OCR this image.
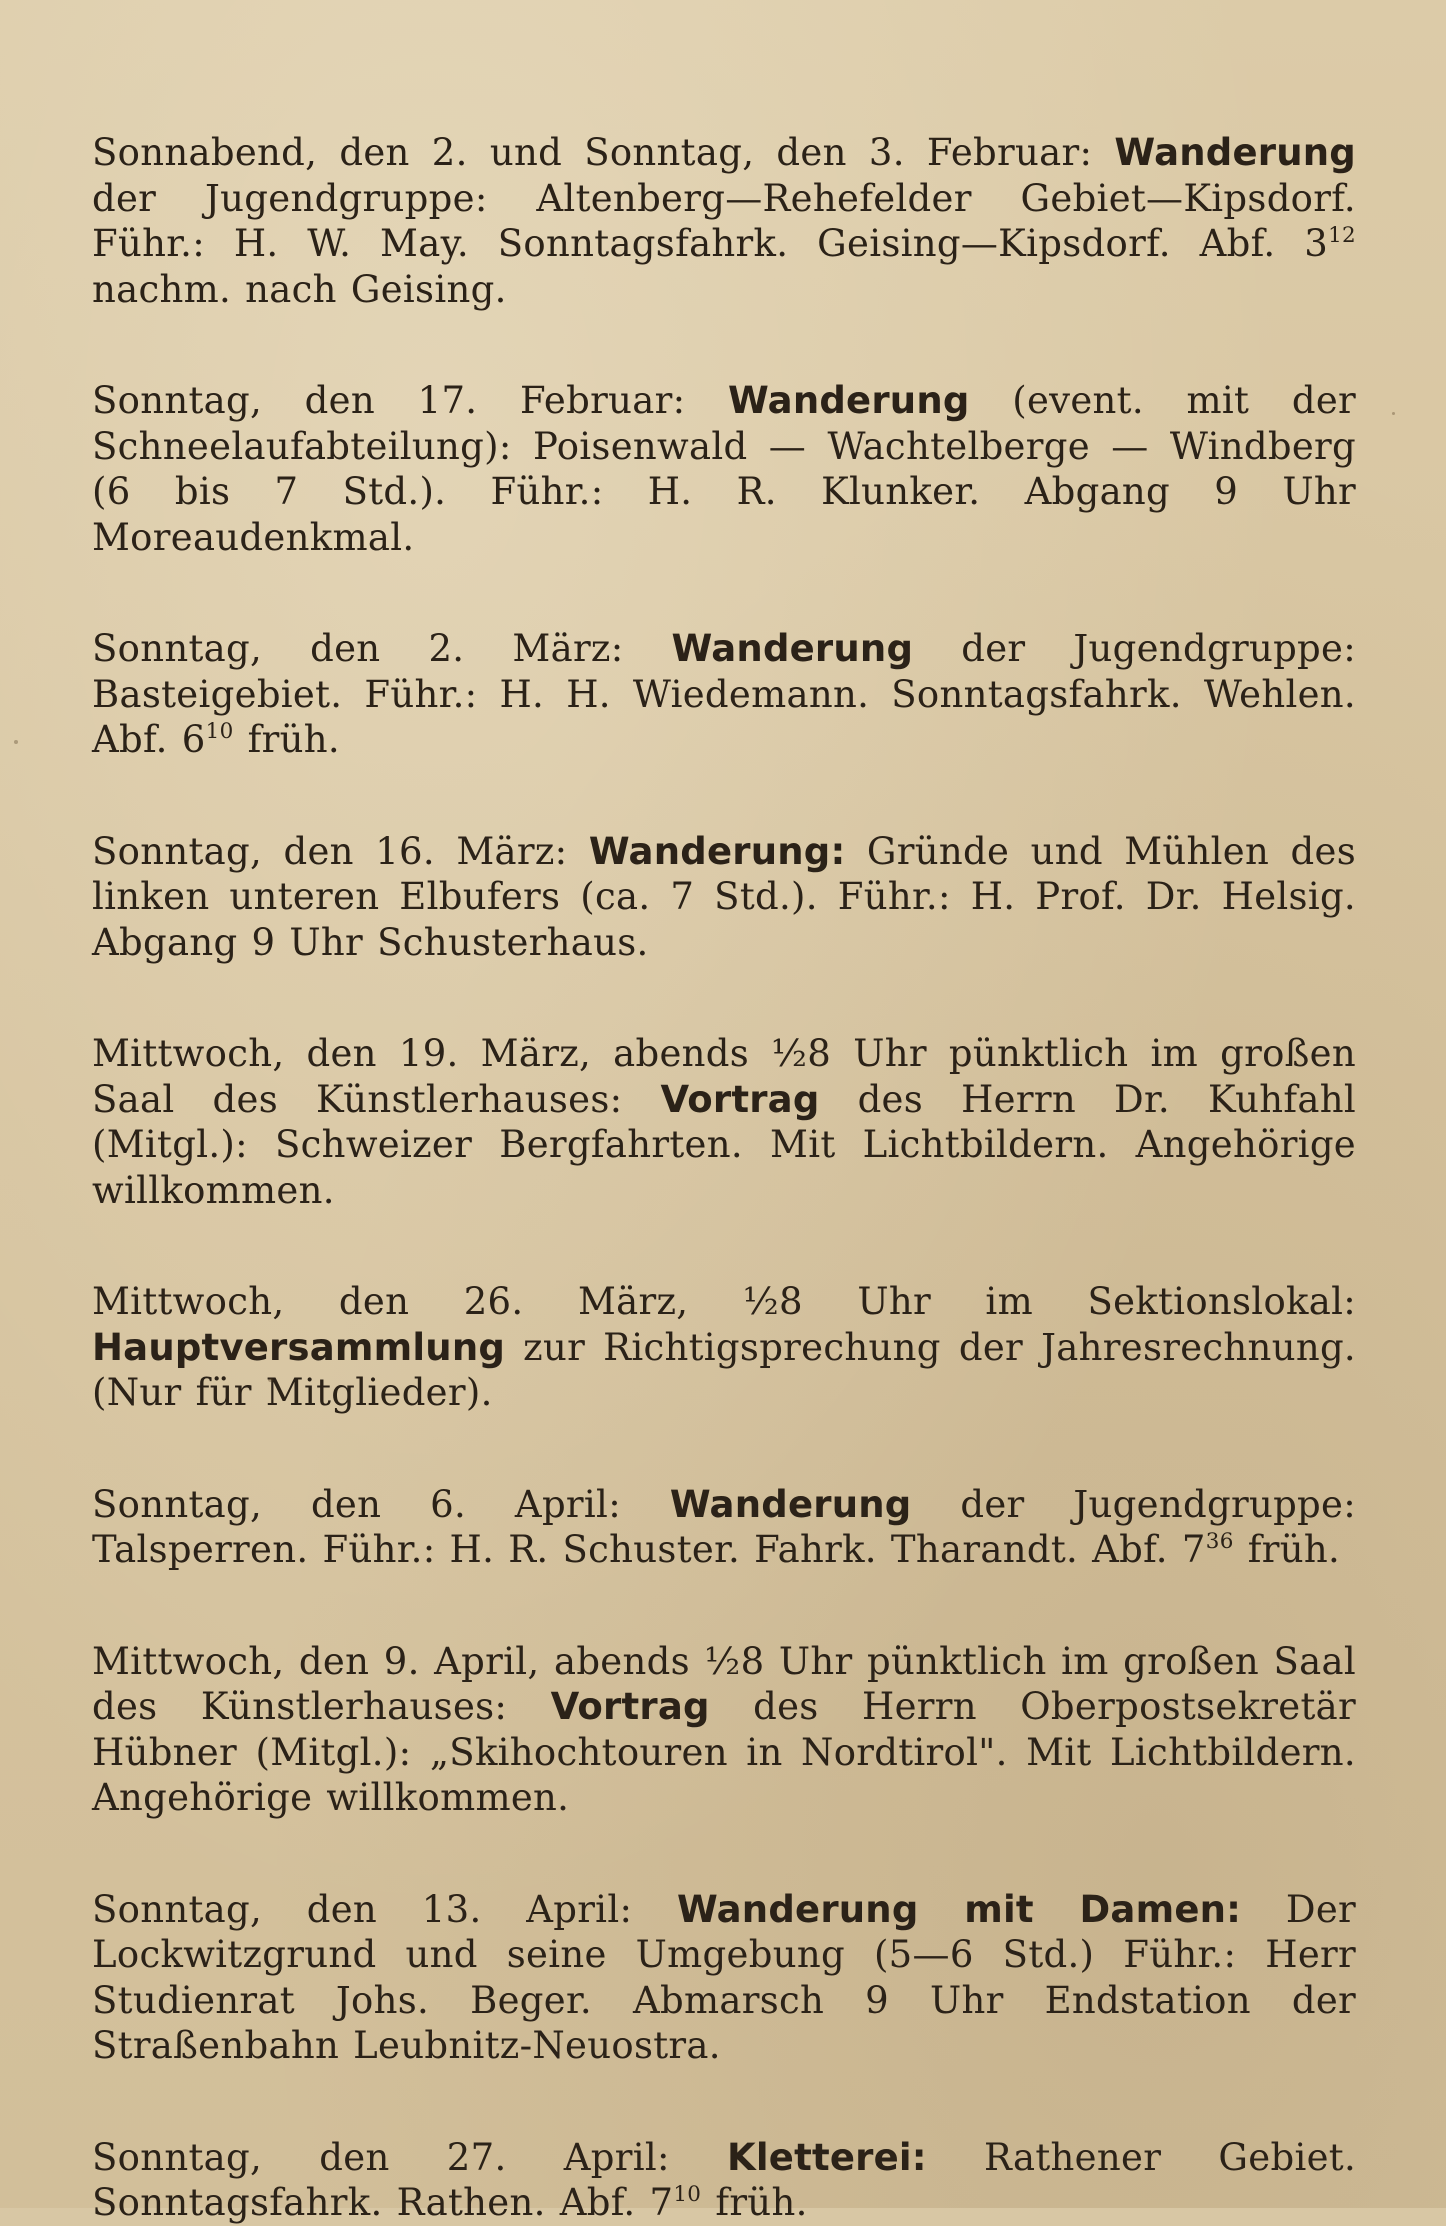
Sonnabend, den 2. und Sonntag, den 3. Februar: Wanderung der Jugendgruppe: Altenberg—Rehefelder Gebiet—Kipsdorf. Führ.: H. W. May. Sonntagsfahrk. Geising—Kipsdorf. Abf. $3^{12}$ nachm. nach Geising.

Sonntag, den 17. Februar: Wanderung (event. mit der Schneelaufabteilung): Poisenwald — Wachtelberge — Windberg (6 bis 7 Std.). Führ.: H. R. Klunker. Abgang 9 Uhr Moreaudenkmal.

Sonntag, den 2. März: Wanderung der Jugendgruppe: Basteigebiet. Führ.: H. H. Wiedemann. Sonntagsfahrk. Wehlen. Abf. $6^{10}$ früh.

Sonntag, den 16. März: Wanderung: Gründe und Mühlen des linken unteren Elbufers (ca. 7 Std.). Führ.: H. Prof. Dr. Helsig. Abgang 9 Uhr Schusterhaus.

Mittwoch, den 19. März, abends ½8 Uhr pünktlich im großen Saal des Künstlerhauses: Vortrag des Herrn Dr. Kuhfahl (Mitgl.): Schweizer Bergfahrten. Mit Lichtbildern. Angehörige willkommen.

Mittwoch, den 26. März, ½8 Uhr im Sektionslokal: Hauptversammlung zur Richtigsprechung der Jahresrechnung. (Nur für Mitglieder).

Sonntag, den 6. April: Wanderung der Jugendgruppe: Talsperren. Führ.: H. R. Schuster. Fahrk. Tharandt. Abf. $7^{36}$ früh.

Mittwoch, den 9. April, abends ½8 Uhr pünktlich im großen Saal des Künstlerhauses: Vortrag des Herrn Oberpostsekretär Hübner (Mitgl.): „Skihochtouren in Nordtirol". Mit Lichtbildern. Angehörige willkommen.

Sonntag, den 13. April: Wanderung mit Damen: Der Lockwitzgrund und seine Umgebung (5—6 Std.) Führ.: Herr Studienrat Johs. Beger. Abmarsch 9 Uhr Endstation der Straßenbahn Leubnitz-Neuostra.

Sonntag, den 27. April: Kletterei: Rathener Gebiet. Sonntagsfahrk. Rathen. Abf. $7^{10}$ früh.
